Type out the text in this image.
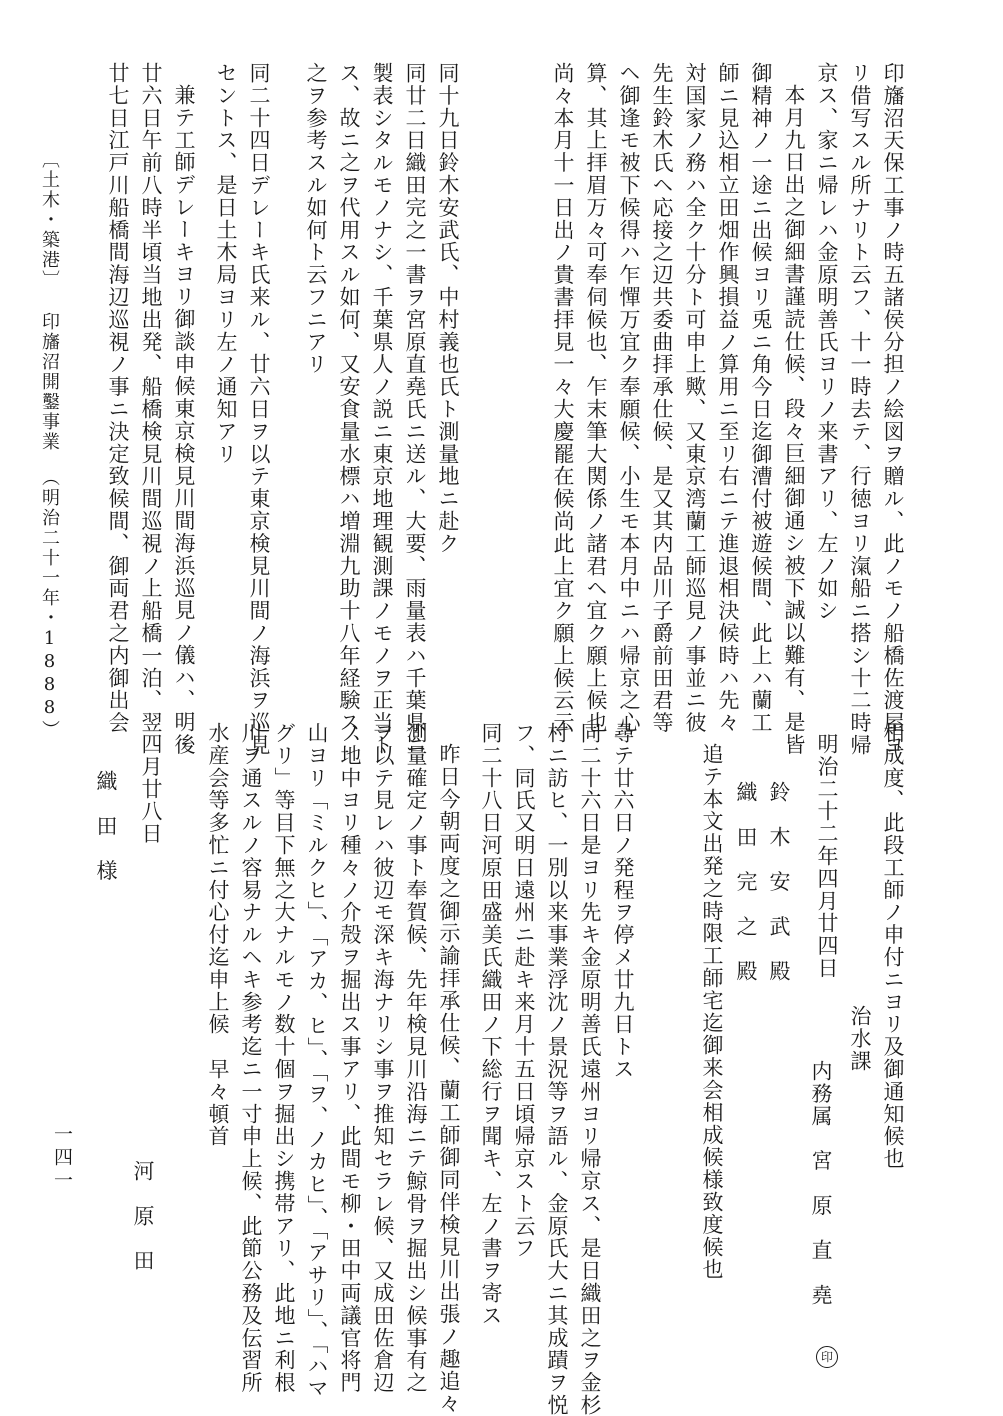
印旛沼天保工事ノ時五諸侯分担ノ絵図ヲ贈ル、此ノモノ船橋佐渡屋ヨ
リ借写スル所ナリト云フ、十一時去テ、行徳ヨリ滊船ニ搭シ十二時帰
京ス、家ニ帰レハ金原明善氏ヨリノ来書アリ、左ノ如シ
本月九日出之御細書謹読仕候、段々巨細御通シ被下誠以難有、是皆
御精神ノ一途ニ出候ヨリ兎ニ角今日迄御漕付被遊候間、此上ハ蘭工
師ニ見込相立田畑作興損益ノ算用ニ至リ右ニテ進退相決候時ハ先々
対国家ノ務ハ全ク十分ト可申上歟、又東京湾蘭工師巡見ノ事並ニ彼
先生鈴木氏ヘ応接之辺共委曲拝承仕候、是又其内品川子爵前田君等
ヘ御逢モ被下候得ハ乍憚万宜ク奉願候、小生モ本月中ニハ帰京之心
算、其上拝眉万々可奉伺候也、乍末筆大関係ノ諸君ヘ宜ク願上候也
尚々本月十一日出ノ貴書拝見一々大慶罷在候尚此上宜ク願上候云云
同十九日鈴木安武氏、中村義也氏ト測量地ニ赴ク
同廿二日織田完之一書ヲ宮原直堯氏ニ送ル、大要、雨量表ハ千葉県ニ
製表シタルモノナシ、千葉県人ノ説ニ東京地理観測課ノモノヲ正当ト
ス、故ニ之ヲ代用スル如何、又安食量水標ハ増淵九助十八年経験ス、
之ヲ参考スル如何ト云フニアリ
同二十四日デレーキ氏来ル、廿六日ヲ以テ東京検見川間ノ海浜ヲ巡見
セントス、是日土木局ヨリ左ノ通知アリ
兼テ工師デレーキヨリ御談申候東京検見川間海浜巡見ノ儀ハ、明後
廿六日午前八時半頃当地出発、船橋検見川間巡視ノ上船橋一泊、翌
廿七日江戸川船橋間海辺巡視ノ事ニ決定致候間、御両君之内御出会
〔土木・築港〕印旛沼開鑿事業（明治二十一年・1888）
相成度、此段工師ノ申付ニヨリ及御通知候也
追テ本文出発之時限工師宅迄御来会相成候様致度候也	明治二十二年四月廿四日
治水課
内務属　宮　原　直　堯
印
鈴　木　安　武　殿
織　田　完　之　殿
尋テ廿六日ノ発程ヲ停メ廿九日トス
同二十六日是ヨリ先キ金原明善氏遠州ヨリ帰京ス、是日織田之ヲ金杉
村ニ訪ヒ、一別以来事業浮沈ノ景況等ヲ語ル、金原氏大ニ其成蹟ヲ悦
フ、同氏又明日遠州ニ赴キ来月十五日頃帰京スト云フ
同二十八日河原田盛美氏織田ノ下総行ヲ聞キ、左ノ書ヲ寄ス
昨日今朝両度之御示諭拝承仕候、蘭工師御同伴検見川出張ノ趣追々
測量確定ノ事ト奉賀候、先年検見川沿海ニテ鯨骨ヲ掘出シ候事有之
ヲ以テ見レハ彼辺モ深キ海ナリシ事ヲ推知セラレ候、又成田佐倉辺
ノ地中ヨリ種々ノ介殻ヲ掘出ス事アリ、此間モ柳・田中両議官将門
山ヨリ「ミルクヒ」、「アカ、ヒ」、「ヲ、ノカヒ」、「アサリ」、「ハマ
グリ」等目下無之大ナルモノ数十個ヲ掘出シ携帯アリ、此地ニ利根
川ヲ通スルノ容易ナルヘキ参考迄ニ一寸申上候、此節公務及伝習所
水産会等多忙ニ付心付迄申上候　早々頓首
四月廿八日
河　原　田
織　田　様
一四一
